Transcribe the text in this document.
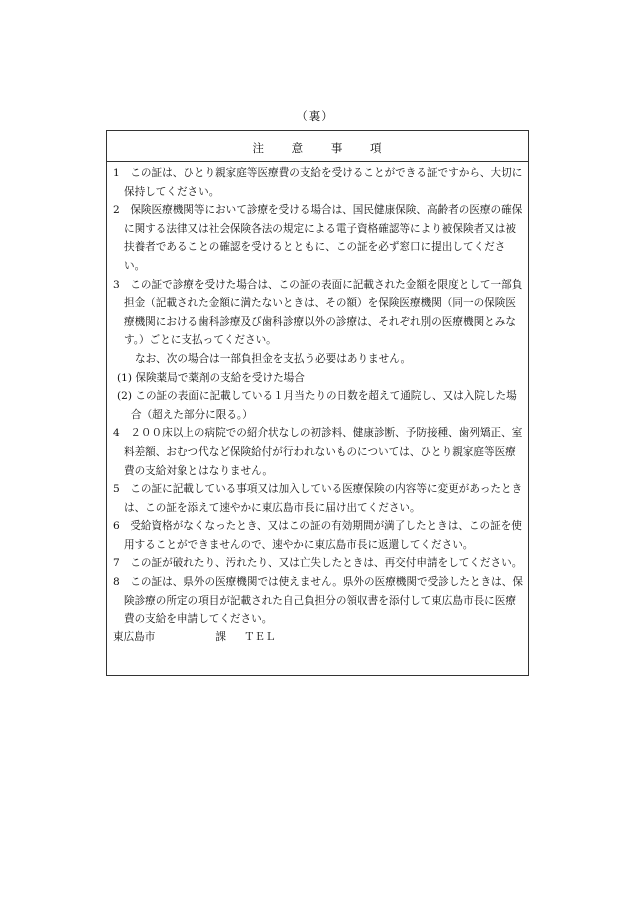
（裏）
注 意 事 項
1　この証は、ひとり親家庭等医療費の支給を受けることができる証ですから、大切に保持してください。
2　保険医療機関等において診療を受ける場合は、国民健康保険、高齢者の医療の確保に関する法律又は社会保険各法の規定による電子資格確認等により被保険者又は被扶養者であることの確認を受けるとともに、この証を必ず窓口に提出してください。
3　この証で診療を受けた場合は、この証の表面に記載された金額を限度として一部負担金（記載された金額に満たないときは、その額）を保険医療機関（同一の保険医療機関における歯科診療及び歯科診療以外の診療は、それぞれ別の医療機関とみなす。）ごとに支払ってください。
なお、次の場合は一部負担金を支払う必要はありません。
(1) 保険薬局で薬剤の支給を受けた場合
(2) この証の表面に記載している１月当たりの日数を超えて通院し、又は入院した場合（超えた部分に限る。）
4　２００床以上の病院での紹介状なしの初診料、健康診断、予防接種、歯列矯正、室料差額、おむつ代など保険給付が行われないものについては、ひとり親家庭等医療費の支給対象とはなりません。
5　この証に記載している事項又は加入している医療保険の内容等に変更があったときは、この証を添えて速やかに東広島市長に届け出てください。
6　受給資格がなくなったとき、又はこの証の有効期間が満了したときは、この証を使用することができませんので、速やかに東広島市長に返還してください。
7　この証が破れたり、汚れたり、又は亡失したときは、再交付申請をしてください。
8　この証は、県外の医療機関では使えません。県外の医療機関で受診したときは、保険診療の所定の項目が記載された自己負担分の領収書を添付して東広島市長に医療費の支給を申請してください。
東広島市	課 ＴＥＬ
